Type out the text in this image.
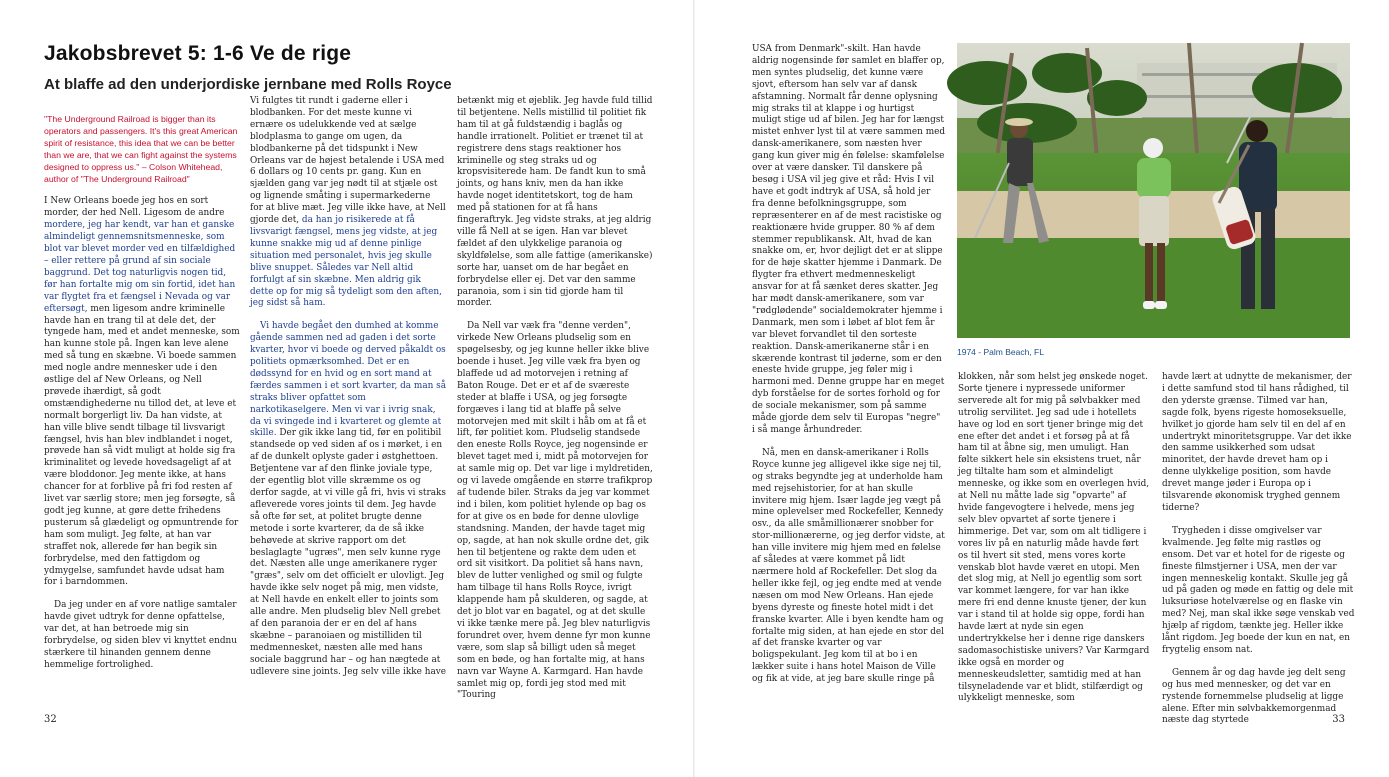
Jakobsbrevet 5: 1-6 Ve de rige
At blaffe ad den underjordiske jernbane med Rolls Royce

"The Underground Railroad is bigger than its operators and passengers. It's this great American spirit of resistance, this idea that we can be better than we are, that we can fight against the systems designed to oppress us." – Colson Whitehead, author of "The Underground Railroad"

I New Orleans boede jeg hos en sort morder, der hed Nell. Ligesom de andre mordere, jeg har kendt, var han et ganske almindeligt gennemsnitsmenneske, som blot var blevet morder ved en tilfældighed – eller rettere på grund af sin sociale baggrund. Det tog naturligvis nogen tid, før han fortalte mig om sin fortid, idet han var flygtet fra et fængsel i Nevada og var eftersøgt, men ligesom andre kriminelle havde han en trang til at dele det, der tyngede ham, med et andet menneske, som han kunne stole på. Ingen kan leve alene med så tung en skæbne. Vi boede sammen med nogle andre mennesker ude i den østlige del af New Orleans, og Nell prøvede ihærdigt, så godt omstændighederne nu tillod det, at leve et normalt borgerligt liv. Da han vidste, at han ville blive sendt tilbage til livsvarigt fængsel, hvis han blev indblandet i noget, prøvede han så vidt muligt at holde sig fra kriminalitet og levede hovedsageligt af at være bloddonor. Jeg mente ikke, at hans chancer for at forblive på fri fod resten af livet var særlig store; men jeg forsøgte, så godt jeg kunne, at gøre dette frihedens pusterum så glædeligt og opmuntrende for ham som muligt. Jeg følte, at han var straffet nok, allerede før han begik sin forbrydelse, med den fattigdom og ydmygelse, samfundet havde udsat ham for i barndommen.

Da jeg under en af vore natlige samtaler havde givet udtryk for denne opfattelse, var det, at han betroede mig sin forbrydelse, og siden blev vi knyttet endnu stærkere til hinanden gennem denne hemmelige fortrolighed.

Vi fulgtes tit rundt i gaderne eller i blodbanken. For det meste kunne vi ernære os udelukkende ved at sælge blodplasma to gange om ugen, da blodbankerne på det tidspunkt i New Orleans var de højest betalende i USA med 6 dollars og 10 cents pr. gang. Kun en sjælden gang var jeg nødt til at stjæle ost og lignende småting i supermarkederne for at blive mæt. Jeg ville ikke have, at Nell gjorde det, da han jo risikerede at få livsvarigt fængsel, mens jeg vidste, at jeg kunne snakke mig ud af denne pinlige situation med personalet, hvis jeg skulle blive snuppet. Således var Nell altid forfulgt af sin skæbne. Men aldrig gik dette op for mig så tydeligt som den aften, jeg sidst så ham.

Vi havde begået den dumhed at komme gående sammen ned ad gaden i det sorte kvarter, hvor vi boede og derved påkaldt os politiets opmærksomhed. Det er en dødssynd for en hvid og en sort mand at færdes sammen i et sort kvarter, da man så straks bliver opfattet som narkotikaselgere. Men vi var i ivrig snak, da vi svingede ind i kvarteret og glemte at skille. Der gik ikke lang tid, før en politibil standsede op ved siden af os i mørket, i en af de dunkelt oplyste gader i østghettoen. Betjentene var af den flinke joviale type, der egentlig blot ville skræmme os og derfor sagde, at vi ville gå fri, hvis vi straks afleverede vores joints til dem. Jeg havde så ofte før set, at politet brugte denne metode i sorte kvarterer, da de så ikke behøvede at skrive rapport om det beslaglagte "ugræs", men selv kunne ryge det. Næsten alle unge amerikanere ryger "græs", selv om det officielt er ulovligt. Jeg havde ikke selv noget på mig, men vidste, at Nell havde en enkelt eller to joints som alle andre. Men pludselig blev Nell grebet af den paranoia der er en del af hans skæbne – paranoiaen og mistilliden til medmennesket, næsten alle med hans sociale baggrund har – og han nægtede at udlevere sine joints. Jeg selv ville ikke have

betænkt mig et øjeblik. Jeg havde fuld tillid til betjentene. Nells mistillid til politiet fik ham til at gå fuldstændig i baglås og handle irrationelt. Politiet er trænet til at registrere dens stags reaktioner hos kriminelle og steg straks ud og kropsvisiterede ham. De fandt kun to små joints, og hans kniv, men da han ikke havde noget identitetskort, tog de ham med på stationen for at få hans fingeraftryk. Jeg vidste straks, at jeg aldrig ville få Nell at se igen. Han var blevet fældet af den ulykkelige paranoia og skyldfølelse, som alle fattige (amerikanske) sorte har, uanset om de har begået en forbrydelse eller ej. Det var den samme paranoia, som i sin tid gjorde ham til morder.

Da Nell var væk fra "denne verden", virkede New Orleans pludselig som en spøgelsesby, og jeg kunne heller ikke blive boende i huset. Jeg ville væk fra byen og blaffede ud ad motorvejen i retning af Baton Rouge. Det er et af de sværeste steder at blaffe i USA, og jeg forsøgte forgæves i lang tid at blaffe på selve motorvejen med mit skilt i håb om at få et lift, før politiet kom. Pludselig standsede den eneste Rolls Royce, jeg nogensinde er blevet taget med i, midt på motorvejen for at samle mig op. Det var lige i myldretiden, og vi lavede omgående en større trafikprop af tudende biler. Straks da jeg var kommet ind i bilen, kom politiet hylende op bag os for at give os en bøde for denne ulovlige standsning. Manden, der havde taget mig op, sagde, at han nok skulle ordne det, gik hen til betjentene og rakte dem uden et ord sit visitkort. Da politiet så hans navn, blev de lutter venlighed og smil og fulgte ham tilbage til hans Rolls Royce, ivrigt klappende ham på skulderen, og sagde, at det jo blot var en bagatel, og at det skulle vi ikke tænke mere på. Jeg blev naturligvis forundret over, hvem denne fyr mon kunne være, som slap så billigt uden så meget som en bøde, og han fortalte mig, at hans navn var Wayne A. Karmgard. Han havde samlet mig op, fordi jeg stod med mit "Touring

32

USA from Denmark"-skilt. Han havde aldrig nogensinde før samlet en blaffer op, men syntes pludselig, det kunne være sjovt, eftersom han selv var af dansk afstamning. Normalt får denne oplysning mig straks til at klappe i og hurtigst muligt stige ud af bilen. Jeg har for længst mistet enhver lyst til at være sammen med dansk-amerikanere, som næsten hver gang kun giver mig én følelse: skamfølelse over at være dansker. Til danskere på besøg i USA vil jeg give et råd: Hvis I vil have et godt indtryk af USA, så hold jer fra denne befolkningsgruppe, som repræsenterer en af de mest racistiske og reaktionære hvide grupper. 80 % af dem stemmer republikansk. Alt, hvad de kan snakke om, er, hvor dejligt det er at slippe for de høje skatter hjemme i Danmark. De flygter fra ethvert medmenneskeligt ansvar for at få sænket deres skatter. Jeg har mødt dansk-amerikanere, som var "rødglødende" socialdemokrater hjemme i Danmark, men som i løbet af blot fem år var blevet forvandlet til den sorteste reaktion. Dansk-amerikanerne står i en skærende kontrast til jøderne, som er den eneste hvide gruppe, jeg føler mig i harmoni med. Denne gruppe har en meget dyb forståelse for de sortes forhold og for de sociale mekanismer, som på samme måde gjorde dem selv til Europas "negre" i så mange århundreder.

Nå, men en dansk-amerikaner i Rolls Royce kunne jeg alligevel ikke sige nej til, og straks begyndte jeg at underholde ham med rejsehistorier, for at han skulle invitere mig hjem. Især lagde jeg vægt på mine oplevelser med Rockefeller, Kennedy osv., da alle småmillionærer snobber for stor-millionærerne, og jeg derfor vidste, at han ville invitere mig hjem med en følelse af således at være kommet på lidt nærmere hold af Rockefeller. Det slog da heller ikke fejl, og jeg endte med at vende næsen om mod New Orleans. Han ejede byens dyreste og fineste hotel midt i det franske kvarter. Alle i byen kendte ham og fortalte mig siden, at han ejede en stor del af det franske kvarter og var boligspekulant. Jeg kom til at bo i en lækker suite i hans hotel Maison de Ville og fik at vide, at jeg bare skulle ringe på

1974 - Palm Beach, FL

klokken, når som helst jeg ønskede noget. Sorte tjenere i nypressede uniformer serverede alt for mig på sølvbakker med utrolig servilitet. Jeg sad ude i hotellets have og lod en sort tjener bringe mig det ene efter det andet i et forsøg på at få ham til at åbne sig, men umuligt. Han følte sikkert hele sin eksistens truet, når jeg tiltalte ham som et almindeligt menneske, og ikke som en overlegen hvid, at Nell nu måtte lade sig "opvarte" af hvide fangevogtere i helvede, mens jeg selv blev opvartet af sorte tjenere i himmerige. Det var, som om alt tidligere i vores liv på en naturlig måde havde ført os til hvert sit sted, mens vores korte venskab blot havde været en utopi. Men det slog mig, at Nell jo egentlig som sort var kommet længere, for var han ikke mere fri end denne knuste tjener, der kun var i stand til at holde sig oppe, fordi han havde lært at nyde sin egen undertrykkelse her i denne rige danskers sadomasochistiske univers? Var Karmgard ikke også en morder og menneskeudsletter, samtidig med at han tilsyneladende var et blidt, stilfærdigt og ulykkeligt menneske, som

havde lært at udnytte de mekanismer, der i dette samfund stod til hans rådighed, til den yderste grænse. Tilmed var han, sagde folk, byens rigeste homoseksuelle, hvilket jo gjorde ham selv til en del af en undertrykt minoritetsgruppe. Var det ikke den samme usikkerhed som udsat minoritet, der havde drevet ham op i denne ulykkelige position, som havde drevet mange jøder i Europa op i tilsvarende økonomisk tryghed gennem tiderne?

Trygheden i disse omgivelser var kvalmende. Jeg følte mig rastløs og ensom. Det var et hotel for de rigeste og fineste filmstjerner i USA, men der var ingen menneskelig kontakt. Skulle jeg gå ud på gaden og møde en fattig og dele mit luksuriøse hotelværelse og en flaske vin med? Nej, man skal ikke søge venskab ved hjælp af rigdom, tænkte jeg. Heller ikke lånt rigdom. Jeg boede der kun en nat, en frygtelig ensom nat.

Gennem år og dag havde jeg delt seng og hus med mennesker, og det var en rystende fornemmelse pludselig at ligge alene. Efter min sølvbakkemorgenmad næste dag styrtede	33
